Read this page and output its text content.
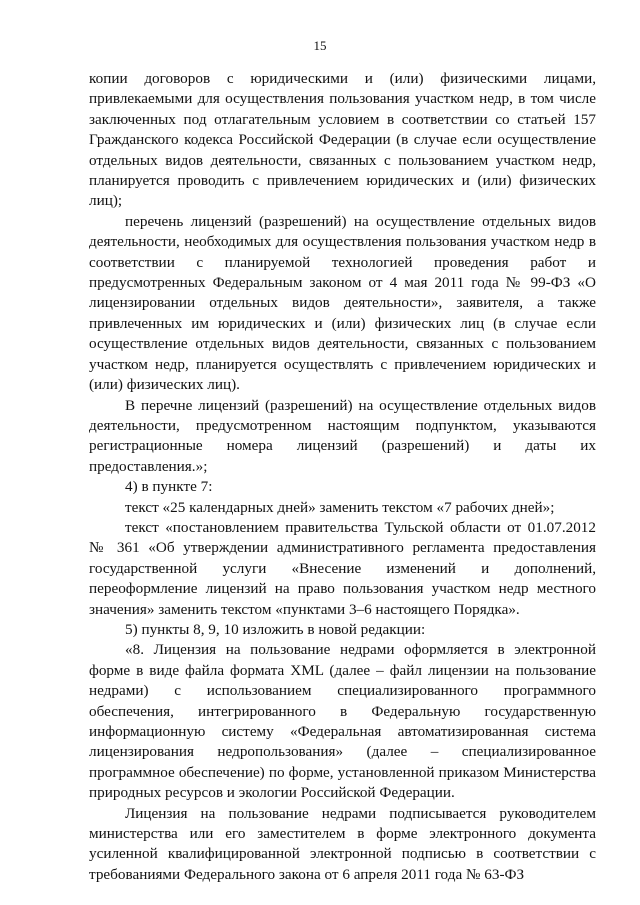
15

копии договоров с юридическими и (или) физическими лицами, привлекаемыми для осуществления пользования участком недр, в том числе заключенных под отлагательным условием в соответствии со статьей 157 Гражданского кодекса Российской Федерации (в случае если осуществление отдельных видов деятельности, связанных с пользованием участком недр, планируется проводить с привлечением юридических и (или) физических лиц);

перечень лицензий (разрешений) на осуществление отдельных видов деятельности, необходимых для осуществления пользования участком недр в соответствии с планируемой технологией проведения работ и предусмотренных Федеральным законом от 4 мая 2011 года № 99-ФЗ «О лицензировании отдельных видов деятельности», заявителя, а также привлеченных им юридических и (или) физических лиц (в случае если осуществление отдельных видов деятельности, связанных с пользованием участком недр, планируется осуществлять с привлечением юридических и (или) физических лиц).

В перечне лицензий (разрешений) на осуществление отдельных видов деятельности, предусмотренном настоящим подпунктом, указываются регистрационные номера лицензий (разрешений) и даты их предоставления.»;

4) в пункте 7:

текст «25 календарных дней» заменить текстом «7 рабочих дней»;

текст «постановлением правительства Тульской области от 01.07.2012 № 361 «Об утверждении административного регламента предоставления государственной услуги «Внесение изменений и дополнений, переоформление лицензий на право пользования участком недр местного значения» заменить текстом «пунктами 3–6 настоящего Порядка».

5) пункты 8, 9, 10 изложить в новой редакции:

«8. Лицензия на пользование недрами оформляется в электронной форме в виде файла формата XML (далее – файл лицензии на пользование недрами) с использованием специализированного программного обеспечения, интегрированного в Федеральную государственную информационную систему «Федеральная автоматизированная система лицензирования недропользования» (далее – специализированное программное обеспечение) по форме, установленной приказом Министерства природных ресурсов и экологии Российской Федерации.

Лицензия на пользование недрами подписывается руководителем министерства или его заместителем в форме электронного документа усиленной квалифицированной электронной подписью в соответствии с требованиями Федерального закона от 6 апреля 2011 года № 63-ФЗ
